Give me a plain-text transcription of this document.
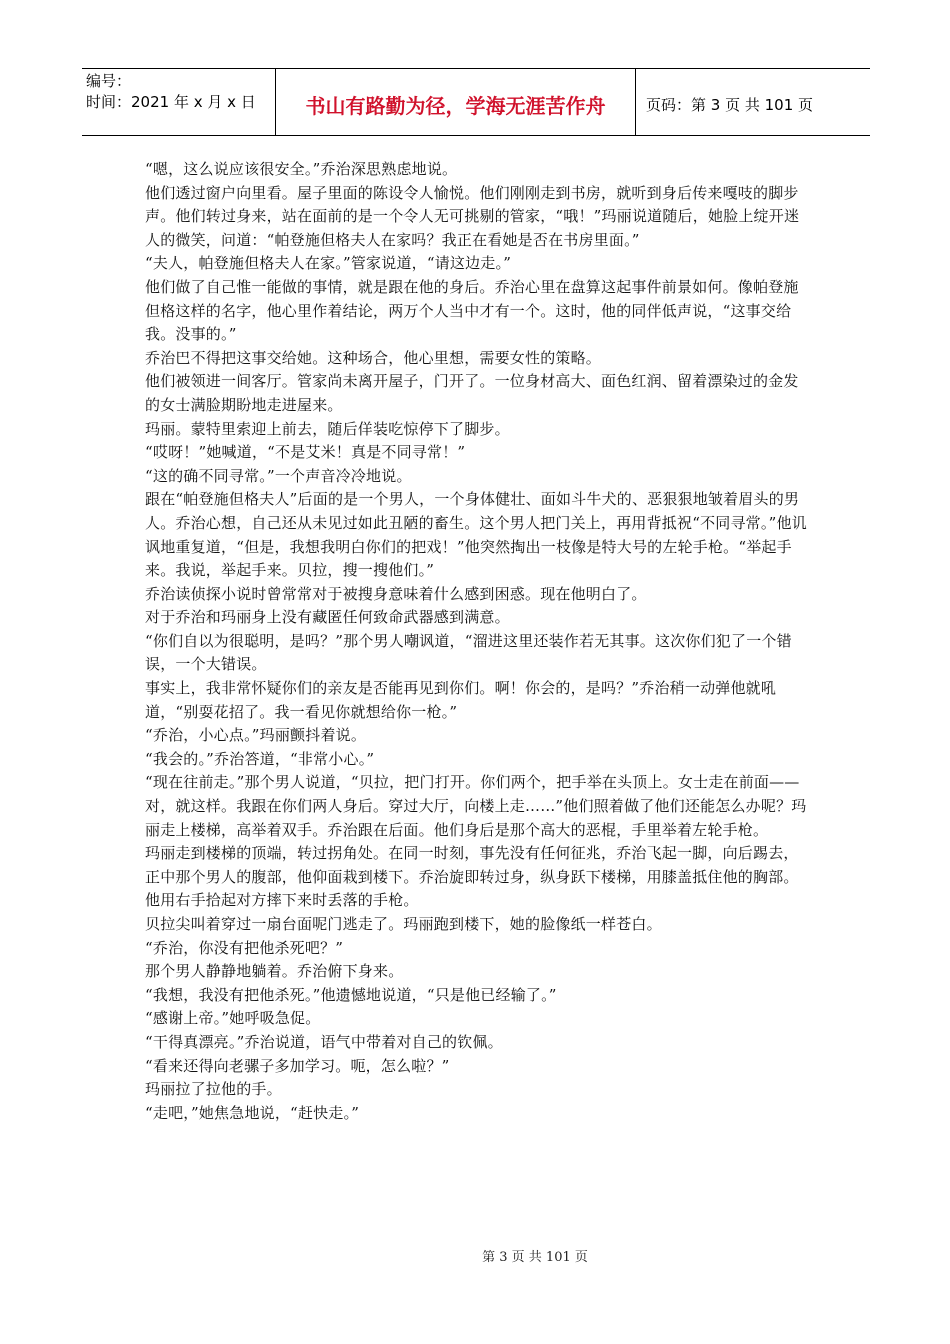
编号：
时间：2021 年 x 月 x 日	书山有路勤为径，学海无涯苦作舟	页码：第 3 页 共 101 页

“嗯，这么说应该很安全。”乔治深思熟虑地说。

他们透过窗户向里看。屋子里面的陈设令人愉悦。他们刚刚走到书房，就听到身后传来嘎吱的脚步声。他们转过身来，站在面前的是一个令人无可挑剔的管家，“哦！”玛丽说道随后，她脸上绽开迷人的微笑，问道：“帕登施但格夫人在家吗？我正在看她是否在书房里面。”

“夫人，帕登施但格夫人在家。”管家说道，“请这边走。”

他们做了自己惟一能做的事情，就是跟在他的身后。乔治心里在盘算这起事件前景如何。像帕登施但格这样的名字，他心里作着结论，两万个人当中才有一个。这时，他的同伴低声说，“这事交给我。没事的。”

乔治巴不得把这事交给她。这种场合，他心里想，需要女性的策略。

他们被领进一间客厅。管家尚未离开屋子，门开了。一位身材高大、面色红润、留着漂染过的金发的女士满脸期盼地走进屋来。

玛丽。蒙特里索迎上前去，随后佯装吃惊停下了脚步。

“哎呀！”她喊道，“不是艾米！真是不同寻常！”

“这的确不同寻常。”一个声音冷冷地说。

跟在“帕登施但格夫人”后面的是一个男人，一个身体健壮、面如斗牛犬的、恶狠狠地皱着眉头的男人。乔治心想，自己还从未见过如此丑陋的畜生。这个男人把门关上，再用背抵祝“不同寻常。”他讥讽地重复道，“但是，我想我明白你们的把戏！”他突然掏出一枝像是特大号的左轮手枪。“举起手来。我说，举起手来。贝拉，搜一搜他们。”

乔治读侦探小说时曾常常对于被搜身意味着什么感到困惑。现在他明白了。

对于乔治和玛丽身上没有藏匿任何致命武器感到满意。

“你们自以为很聪明，是吗？”那个男人嘲讽道，“溜进这里还装作若无其事。这次你们犯了一个错误，一个大错误。

事实上，我非常怀疑你们的亲友是否能再见到你们。啊！你会的，是吗？”乔治稍一动弹他就吼道，“别耍花招了。我一看见你就想给你一枪。”

“乔治，小心点。”玛丽颤抖着说。

“我会的。”乔治答道，“非常小心。”

“现在往前走。”那个男人说道，“贝拉，把门打开。你们两个，把手举在头顶上。女士走在前面——对，就这样。我跟在你们两人身后。穿过大厅，向楼上走……”他们照着做了他们还能怎么办呢？玛丽走上楼梯，高举着双手。乔治跟在后面。他们身后是那个高大的恶棍，手里举着左轮手枪。

玛丽走到楼梯的顶端，转过拐角处。在同一时刻，事先没有任何征兆，乔治飞起一脚，向后踢去，正中那个男人的腹部，他仰面栽到楼下。乔治旋即转过身，纵身跃下楼梯，用膝盖抵住他的胸部。他用右手拾起对方摔下来时丢落的手枪。

贝拉尖叫着穿过一扇台面呢门逃走了。玛丽跑到楼下，她的脸像纸一样苍白。

“乔治，你没有把他杀死吧？”

那个男人静静地躺着。乔治俯下身来。

“我想，我没有把他杀死。”他遗憾地说道，“只是他已经输了。”

“感谢上帝。”她呼吸急促。

“干得真漂亮。”乔治说道，语气中带着对自己的钦佩。

“看来还得向老骡子多加学习。呃，怎么啦？”

玛丽拉了拉他的手。

“走吧，”她焦急地说，“赶快走。”

第 3 页 共 101 页
